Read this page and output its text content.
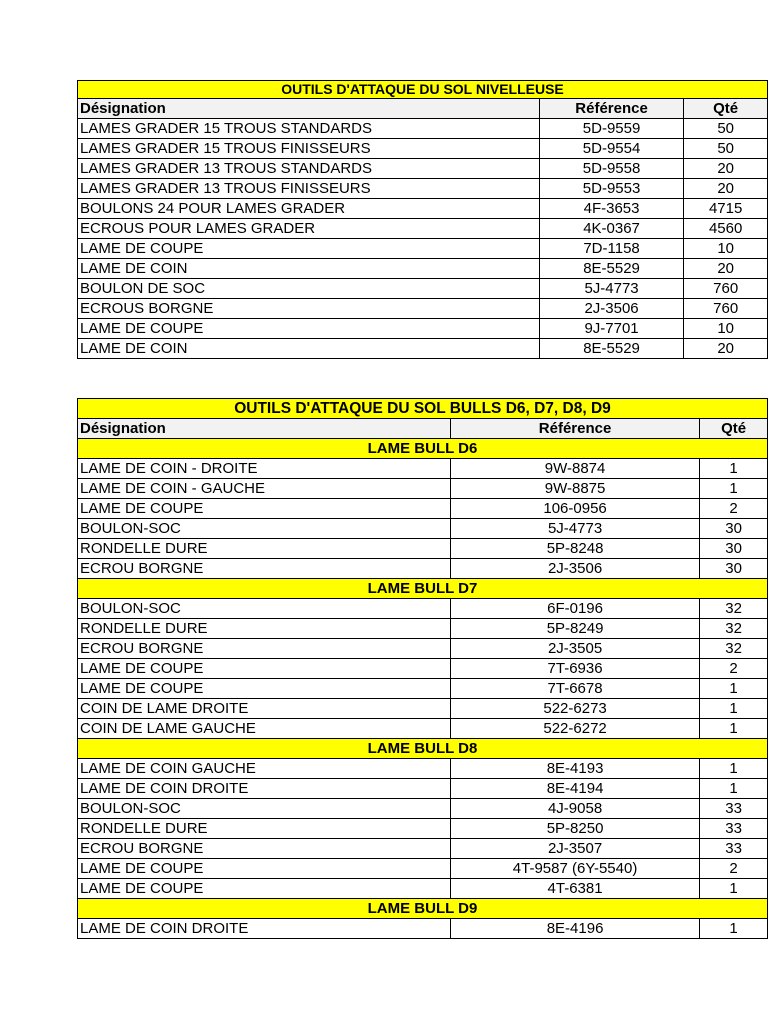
OUTILS D'ATTAQUE DU SOL NIVELLEUSE		
Désignation	Référence	Qté
LAMES GRADER 15 TROUS STANDARDS	5D-9559	50
LAMES GRADER 15 TROUS FINISSEURS	5D-9554	50
LAMES GRADER 13 TROUS STANDARDS	5D-9558	20
LAMES GRADER 13 TROUS FINISSEURS	5D-9553	20
BOULONS 24 POUR LAMES GRADER	4F-3653	4715
ECROUS POUR LAMES GRADER	4K-0367	4560
LAME DE COUPE	7D-1158	10
LAME DE COIN	8E-5529	20
BOULON DE SOC	5J-4773	760
ECROUS BORGNE	2J-3506	760
LAME DE COUPE	9J-7701	10
LAME DE COIN	8E-5529	20
OUTILS D'ATTAQUE DU SOL BULLS D6, D7, D8, D9		
Désignation	Référence	Qté
LAME BULL D6		
LAME DE COIN - DROITE	9W-8874	1
LAME DE COIN - GAUCHE	9W-8875	1
LAME DE COUPE	106-0956	2
BOULON-SOC	5J-4773	30
RONDELLE DURE	5P-8248	30
ECROU BORGNE	2J-3506	30
LAME BULL D7		
BOULON-SOC	6F-0196	32
RONDELLE DURE	5P-8249	32
ECROU BORGNE	2J-3505	32
LAME DE COUPE	7T-6936	2
LAME DE COUPE	7T-6678	1
COIN DE LAME DROITE	522-6273	1
COIN DE LAME GAUCHE	522-6272	1
LAME BULL D8		
LAME DE COIN GAUCHE	8E-4193	1
LAME DE COIN DROITE	8E-4194	1
BOULON-SOC	4J-9058	33
RONDELLE DURE	5P-8250	33
ECROU BORGNE	2J-3507	33
LAME DE COUPE	4T-9587 (6Y-5540)	2
LAME DE COUPE	4T-6381	1
LAME BULL D9		
LAME DE COIN DROITE	8E-4196	1
